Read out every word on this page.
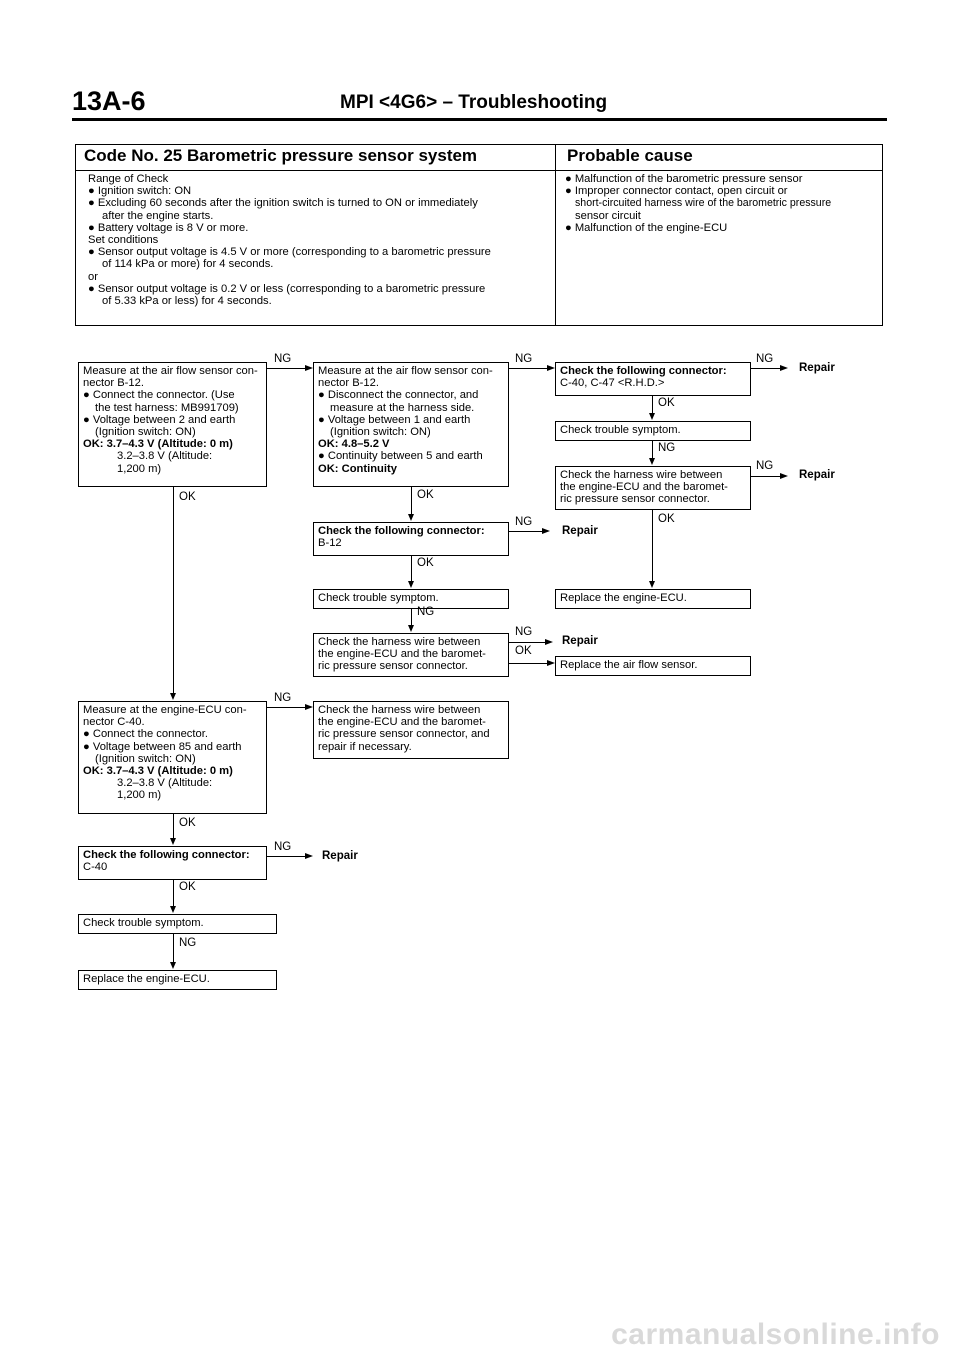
13A-6	MPI <4G6> – Troubleshooting
Code No. 25 Barometric pressure sensor system	Probable cause
Range of Check
● Ignition switch: ON
● Excluding 60 seconds after the ignition switch is turned to ON or immediately
after the engine starts.
● Battery voltage is 8 V or more.
Set conditions
● Sensor output voltage is 4.5 V or more (corresponding to a barometric pressure
of 114 kPa or more) for 4 seconds.
or
● Sensor output voltage is 0.2 V or less (corresponding to a barometric pressure
of 5.33 kPa or less) for 4 seconds.
● Malfunction of the barometric pressure sensor
● Improper connector contact, open circuit or
short-circuited harness wire of the barometric pressure
sensor circuit
● Malfunction of the engine-ECU
Measure at the air flow sensor con-
nector B-12.
● Connect the connector. (Use
the test harness: MB991709)
● Voltage between 2 and earth
(Ignition switch: ON)
OK: 3.7–4.3 V (Altitude: 0 m)
3.2–3.8 V (Altitude:
1,200 m)
Measure at the air flow sensor con-
nector B-12.
● Disconnect the connector, and
measure at the harness side.
● Voltage between 1 and earth
(Ignition switch: ON)
OK: 4.8–5.2 V
● Continuity between 5 and earth
OK: Continuity
Check the following connector:
C-40, C-47 <R.H.D.>
Check trouble symptom.
Check the harness wire between
the engine-ECU and the baromet-
ric pressure sensor connector.
Replace the engine-ECU.
Check the following connector:
B-12
Check trouble symptom.
Check the harness wire between
the engine-ECU and the baromet-
ric pressure sensor connector.	Replace the air flow sensor.
Measure at the engine-ECU con-
nector C-40.
● Connect the connector.
● Voltage between 85 and earth
(Ignition switch: ON)
OK: 3.7–4.3 V (Altitude: 0 m)
3.2–3.8 V (Altitude:
1,200 m)
Check the harness wire between
the engine-ECU and the baromet-
ric pressure sensor connector, and
repair if necessary.
Check the following connector:
C-40
Check trouble symptom.
Replace the engine-ECU.
NG	NG	NG
Repair
OK
NG
NG
Repair
OK
OK
NG
Repair
OK
NG
NG
Repair
OK
OK
NG
OK
NG
Repair
OK
NG
carmanualsonline.info
